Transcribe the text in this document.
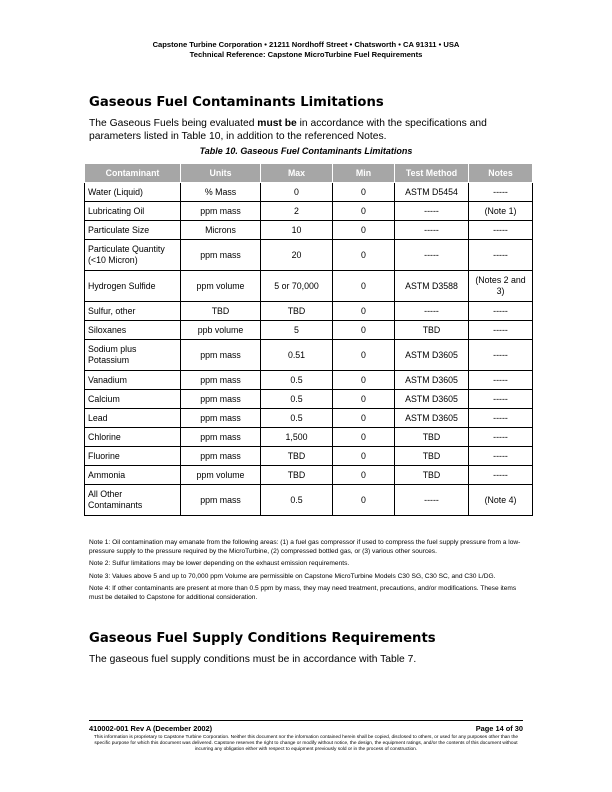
Capstone Turbine Corporation • 21211 Nordhoff Street • Chatsworth • CA 91311 • USA
Technical Reference: Capstone MicroTurbine Fuel Requirements
Gaseous Fuel Contaminants Limitations
The Gaseous Fuels being evaluated must be in accordance with the specifications and parameters listed in Table 10, in addition to the referenced Notes.
Table 10. Gaseous Fuel Contaminants Limitations
Contaminant	Units	Max	Min	Test Method	Notes
Water (Liquid)	% Mass	0	0	ASTM D5454	-----
Lubricating Oil	ppm mass	2	0	-----	(Note 1)
Particulate Size	Microns	10	0	-----	-----
Particulate Quantity (<10 Micron)	ppm mass	20	0	-----	-----
Hydrogen Sulfide	ppm volume	5 or 70,000	0	ASTM D3588	(Notes 2 and 3)
Sulfur, other	TBD	TBD	0	-----	-----
Siloxanes	ppb volume	5	0	TBD	-----
Sodium plus Potassium	ppm mass	0.51	0	ASTM D3605	-----
Vanadium	ppm mass	0.5	0	ASTM D3605	-----
Calcium	ppm mass	0.5	0	ASTM D3605	-----
Lead	ppm mass	0.5	0	ASTM D3605	-----
Chlorine	ppm mass	1,500	0	TBD	-----
Fluorine	ppm mass	TBD	0	TBD	-----
Ammonia	ppm volume	TBD	0	TBD	-----
All Other Contaminants	ppm mass	0.5	0	-----	(Note 4)
Note 1: Oil contamination may emanate from the following areas: (1) a fuel gas compressor if used to compress the fuel supply pressure from a low-pressure supply to the pressure required by the MicroTurbine, (2) compressed bottled gas, or (3) various other sources.
Note 2: Sulfur limitations may be lower depending on the exhaust emission requirements.
Note 3: Values above 5 and up to 70,000 ppm Volume are permissible on Capstone MicroTurbine Models C30 SG, C30 SC, and C30 L/DG.
Note 4: If other contaminants are present at more than 0.5 ppm by mass, they may need treatment, precautions, and/or modifications. These items must be detailed to Capstone for additional consideration.
Gaseous Fuel Supply Conditions Requirements
The gaseous fuel supply conditions must be in accordance with Table 7.
410002-001 Rev A (December 2002)	Page 14 of 30
This information is proprietary to Capstone Turbine Corporation. Neither this document nor the information contained herein shall be copied, disclosed to others, or used for any purposes other than the specific purpose for which this document was delivered. Capstone reserves the right to change or modify without notice, the design, the equipment ratings, and/or the contents of this document without incurring any obligation either with respect to equipment previously sold or in the process of construction.
